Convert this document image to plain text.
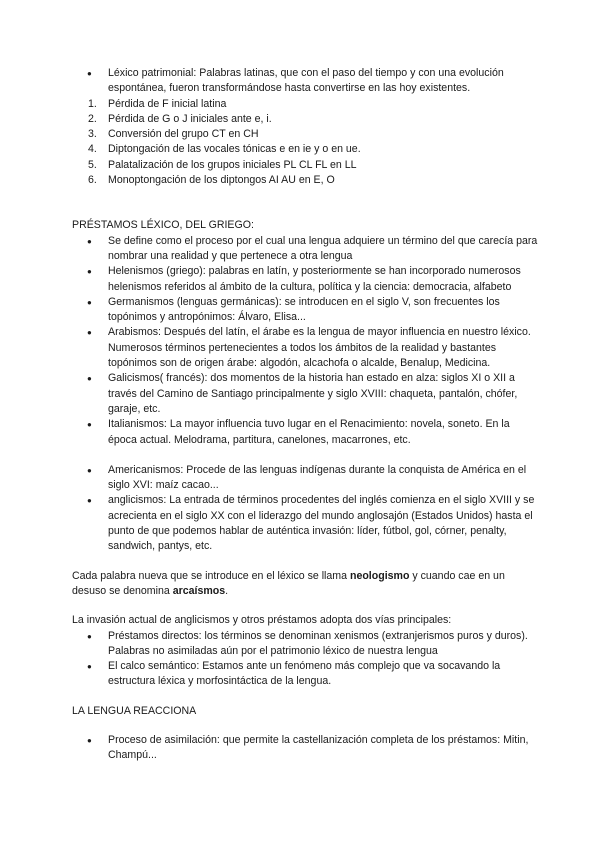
● Léxico patrimonial: Palabras latinas, que con el paso del tiempo y con una evolución espontánea, fueron transformándose hasta convertirse en las hoy existentes.
1. Pérdida de F inicial latina
2. Pérdida de G o J iniciales ante e, i.
3. Conversión del grupo CT en CH
4. Diptongación de las vocales tónicas e en ie y o en ue.
5. Palatalización de los grupos iniciales PL CL FL en LL
6. Monoptongación de los diptongos AI AU en E, O
PRÉSTAMOS LÉXICO, DEL GRIEGO:
● Se define como el proceso por el cual una lengua adquiere un término del que carecía para nombrar una realidad y que pertenece a otra lengua
● Helenismos (griego): palabras en latín, y posteriormente se han incorporado numerosos helenismos referidos al ámbito de la cultura, política y la ciencia: democracia, alfabeto
● Germanismos (lenguas germánicas): se introducen en el siglo V, son frecuentes los topónimos y antropónimos: Álvaro, Elisa...
● Arabismos: Después del latín, el árabe es la lengua de mayor influencia en nuestro léxico. Numerosos términos pertenecientes a todos los ámbitos de la realidad y bastantes topónimos son de origen árabe: algodón, alcachofa o alcalde, Benalup, Medicina.
● Galicismos( francés): dos momentos de la historia han estado en alza: siglos XI o XII a través del Camino de Santiago principalmente y siglo XVIII: chaqueta, pantalón, chófer, garaje, etc.
● Italianismos: La mayor influencia tuvo lugar en el Renacimiento: novela, soneto. En la época actual. Melodrama, partitura, canelones, macarrones, etc.
● Americanismos: Procede de las lenguas indígenas durante la conquista de América en el siglo XVI: maíz cacao...
● anglicismos: La entrada de términos procedentes del inglés comienza en el siglo XVIII y se acrecienta en el siglo XX con el liderazgo del mundo anglosajón (Estados Unidos) hasta el punto de que podemos hablar de auténtica invasión: líder, fútbol, gol, córner, penalty, sandwich, pantys, etc.
Cada palabra nueva que se introduce en el léxico se llama neologismo y cuando cae en un desuso se denomina arcaísmos.
La invasión actual de anglicismos y otros préstamos adopta dos vías principales:
● Préstamos directos: los términos se denominan xenismos (extranjerismos puros y duros). Palabras no asimiladas aún por el patrimonio léxico de nuestra lengua
● El calco semántico: Estamos ante un fenómeno más complejo que va socavando la estructura léxica y morfosintáctica de la lengua.
LA LENGUA REACCIONA
● Proceso de asimilación: que permite la castellanización completa de los préstamos: Mitin, Champú...
